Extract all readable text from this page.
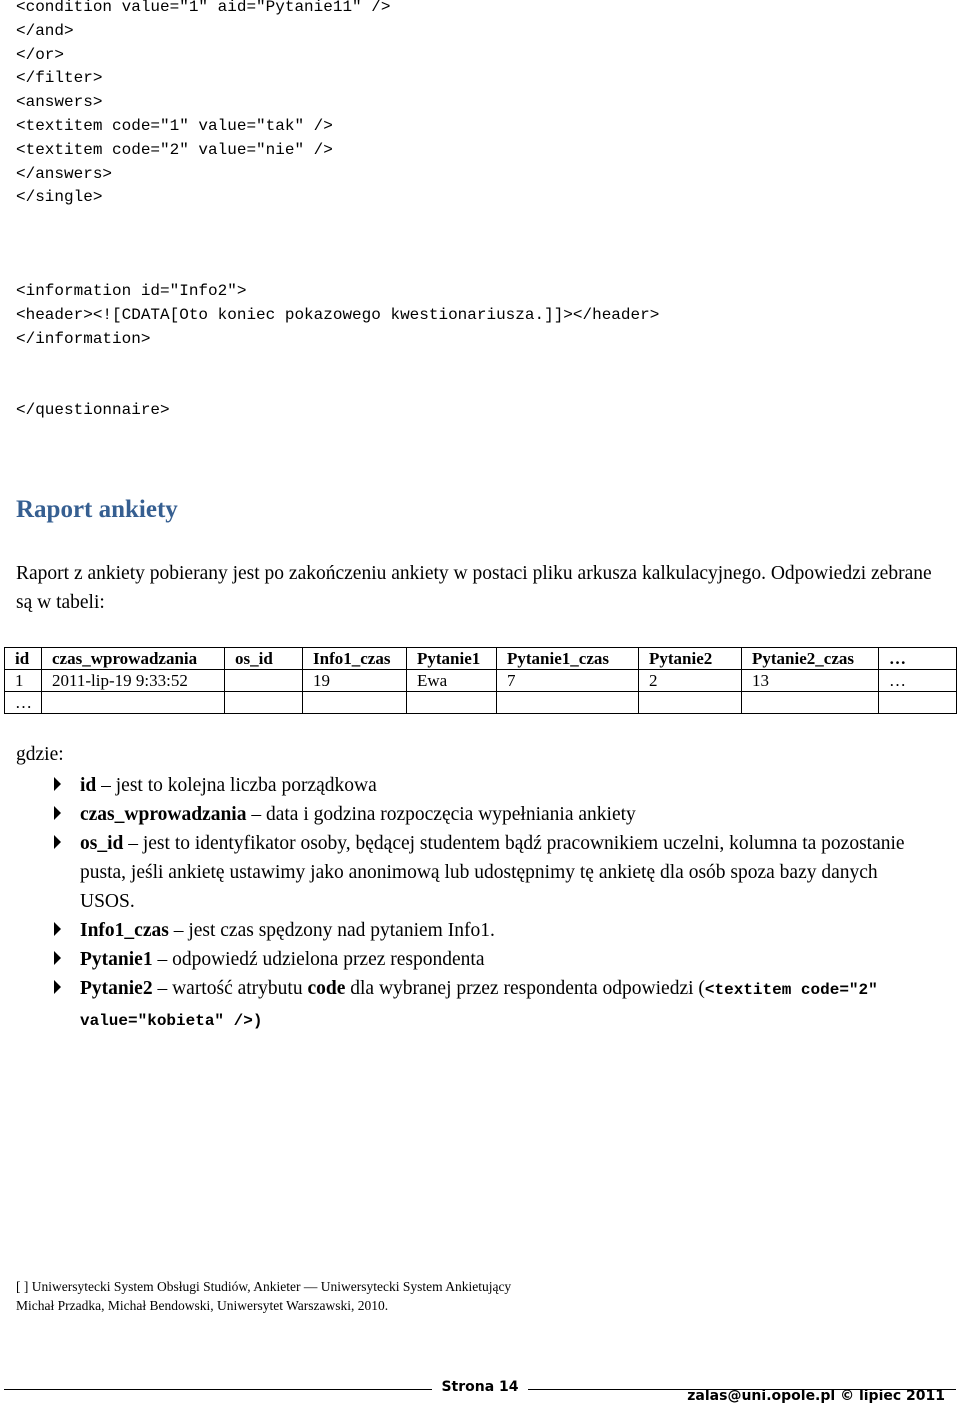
<condition value="1" aid="Pytanie11" />
</and>
</or>
</filter>
<answers>
<textitem code="1" value="tak" />
<textitem code="2" value="nie" />
</answers>
</single>
<information id="Info2">
<header><![CDATA[Oto koniec pokazowego kwestionariusza.]]></header>
</information>
</questionnaire>
Raport ankiety
Raport z ankiety pobierany jest po zakończeniu ankiety w postaci pliku arkusza kalkulacyjnego. Odpowiedzi zebrane są w tabeli:
id	czas_wprowadzania	os_id	Info1_czas	Pytanie1	Pytanie1_czas	Pytanie2	Pytanie2_czas	…
1	2011-lip-19 9:33:52		19	Ewa	7	2	13	…
…								
gdzie:
id – jest to kolejna liczba porządkowa
czas_wprowadzania – data i godzina rozpoczęcia wypełniania ankiety
os_id – jest to identyfikator osoby, będącej studentem bądź pracownikiem uczelni, kolumna ta pozostanie pusta, jeśli ankietę ustawimy jako anonimową lub udostępnimy tę ankietę dla osób spoza bazy danych USOS.
Info1_czas – jest czas spędzony nad pytaniem Info1.
Pytanie1 – odpowiedź udzielona przez respondenta
Pytanie2 – wartość atrybutu code dla wybranej przez respondenta odpowiedzi (<textitem code="2" value="kobieta" />)
[ ] Uniwersytecki System Obsługi Studiów, Ankieter — Uniwersytecki System Ankietujący
Michał Przadka, Michał Bendowski, Uniwersytet Warszawski, 2010.
Strona 14
zalas@uni.opole.pl © lipiec 2011
